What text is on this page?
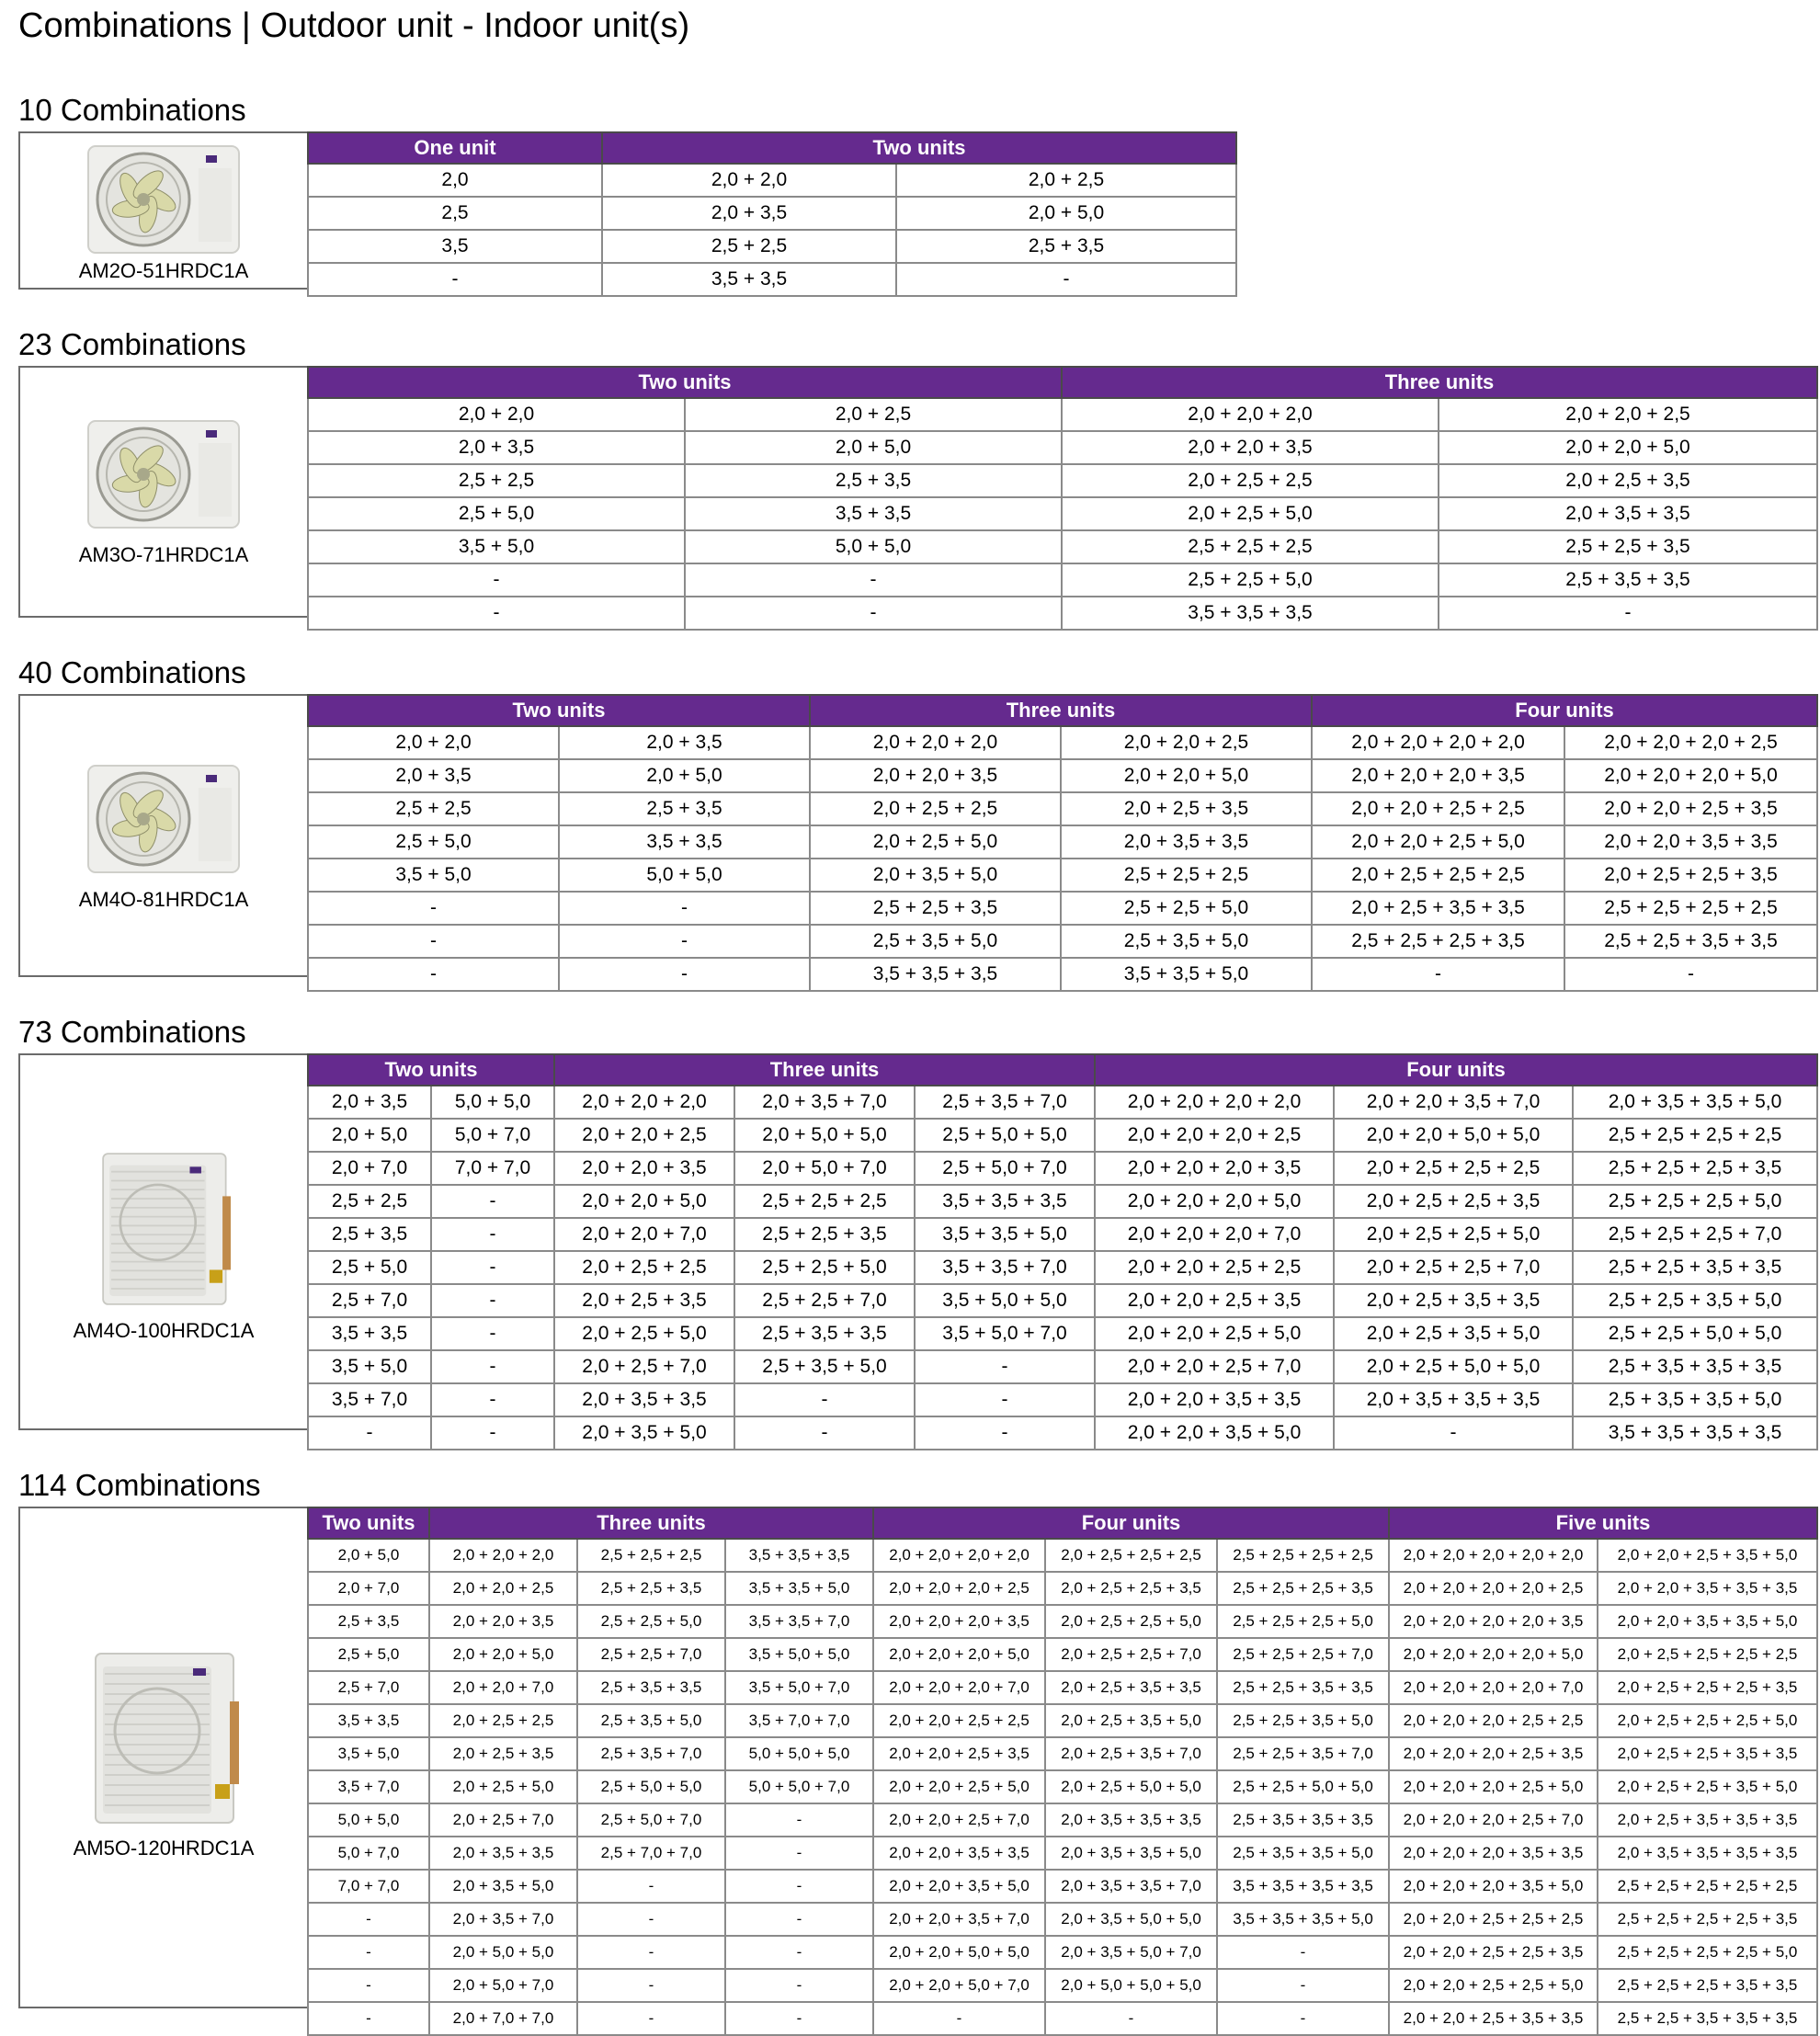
Combinations | Outdoor unit - Indoor unit(s)
10 Combinations
AM2O-51HRDC1A
One unit	Two units	
2,0	2,0 + 2,0	2,0 + 2,5
2,5	2,0 + 3,5	2,0 + 5,0
3,5	2,5 + 2,5	2,5 + 3,5
-	3,5 + 3,5	-
23 Combinations
AM3O-71HRDC1A
Two units		Three units	
2,0 + 2,0	2,0 + 2,5	2,0 + 2,0 + 2,0	2,0 + 2,0 + 2,5
2,0 + 3,5	2,0 + 5,0	2,0 + 2,0 + 3,5	2,0 + 2,0 + 5,0
2,5 + 2,5	2,5 + 3,5	2,0 + 2,5 + 2,5	2,0 + 2,5 + 3,5
2,5 + 5,0	3,5 + 3,5	2,0 + 2,5 + 5,0	2,0 + 3,5 + 3,5
3,5 + 5,0	5,0 + 5,0	2,5 + 2,5 + 2,5	2,5 + 2,5 + 3,5
-	-	2,5 + 2,5 + 5,0	2,5 + 3,5 + 3,5
-	-	3,5 + 3,5 + 3,5	-
40 Combinations
AM4O-81HRDC1A
Two units		Three units		Four units	
2,0 + 2,0	2,0 + 3,5	2,0 + 2,0 + 2,0	2,0 + 2,0 + 2,5	2,0 + 2,0 + 2,0 + 2,0	2,0 + 2,0 + 2,0 + 2,5
2,0 + 3,5	2,0 + 5,0	2,0 + 2,0 + 3,5	2,0 + 2,0 + 5,0	2,0 + 2,0 + 2,0 + 3,5	2,0 + 2,0 + 2,0 + 5,0
2,5 + 2,5	2,5 + 3,5	2,0 + 2,5 + 2,5	2,0 + 2,5 + 3,5	2,0 + 2,0 + 2,5 + 2,5	2,0 + 2,0 + 2,5 + 3,5
2,5 + 5,0	3,5 + 3,5	2,0 + 2,5 + 5,0	2,0 + 3,5 + 3,5	2,0 + 2,0 + 2,5 + 5,0	2,0 + 2,0 + 3,5 + 3,5
3,5 + 5,0	5,0 + 5,0	2,0 + 3,5 + 5,0	2,5 + 2,5 + 2,5	2,0 + 2,5 + 2,5 + 2,5	2,0 + 2,5 + 2,5 + 3,5
-	-	2,5 + 2,5 + 3,5	2,5 + 2,5 + 5,0	2,0 + 2,5 + 3,5 + 3,5	2,5 + 2,5 + 2,5 + 2,5
-	-	2,5 + 3,5 + 5,0	2,5 + 3,5 + 5,0	2,5 + 2,5 + 2,5 + 3,5	2,5 + 2,5 + 3,5 + 3,5
-	-	3,5 + 3,5 + 3,5	3,5 + 3,5 + 5,0	-	-
73 Combinations
AM4O-100HRDC1A
Two units		Three units			Four units		
2,0 + 3,5	5,0 + 5,0	2,0 + 2,0 + 2,0	2,0 + 3,5 + 7,0	2,5 + 3,5 + 7,0	2,0 + 2,0 + 2,0 + 2,0	2,0 + 2,0 + 3,5 + 7,0	2,0 + 3,5 + 3,5 + 5,0
2,0 + 5,0	5,0 + 7,0	2,0 + 2,0 + 2,5	2,0 + 5,0 + 5,0	2,5 + 5,0 + 5,0	2,0 + 2,0 + 2,0 + 2,5	2,0 + 2,0 + 5,0 + 5,0	2,5 + 2,5 + 2,5 + 2,5
2,0 + 7,0	7,0 + 7,0	2,0 + 2,0 + 3,5	2,0 + 5,0 + 7,0	2,5 + 5,0 + 7,0	2,0 + 2,0 + 2,0 + 3,5	2,0 + 2,5 + 2,5 + 2,5	2,5 + 2,5 + 2,5 + 3,5
2,5 + 2,5	-	2,0 + 2,0 + 5,0	2,5 + 2,5 + 2,5	3,5 + 3,5 + 3,5	2,0 + 2,0 + 2,0 + 5,0	2,0 + 2,5 + 2,5 + 3,5	2,5 + 2,5 + 2,5 + 5,0
2,5 + 3,5	-	2,0 + 2,0 + 7,0	2,5 + 2,5 + 3,5	3,5 + 3,5 + 5,0	2,0 + 2,0 + 2,0 + 7,0	2,0 + 2,5 + 2,5 + 5,0	2,5 + 2,5 + 2,5 + 7,0
2,5 + 5,0	-	2,0 + 2,5 + 2,5	2,5 + 2,5 + 5,0	3,5 + 3,5 + 7,0	2,0 + 2,0 + 2,5 + 2,5	2,0 + 2,5 + 2,5 + 7,0	2,5 + 2,5 + 3,5 + 3,5
2,5 + 7,0	-	2,0 + 2,5 + 3,5	2,5 + 2,5 + 7,0	3,5 + 5,0 + 5,0	2,0 + 2,0 + 2,5 + 3,5	2,0 + 2,5 + 3,5 + 3,5	2,5 + 2,5 + 3,5 + 5,0
3,5 + 3,5	-	2,0 + 2,5 + 5,0	2,5 + 3,5 + 3,5	3,5 + 5,0 + 7,0	2,0 + 2,0 + 2,5 + 5,0	2,0 + 2,5 + 3,5 + 5,0	2,5 + 2,5 + 5,0 + 5,0
3,5 + 5,0	-	2,0 + 2,5 + 7,0	2,5 + 3,5 + 5,0	-	2,0 + 2,0 + 2,5 + 7,0	2,0 + 2,5 + 5,0 + 5,0	2,5 + 3,5 + 3,5 + 3,5
3,5 + 7,0	-	2,0 + 3,5 + 3,5	-	-	2,0 + 2,0 + 3,5 + 3,5	2,0 + 3,5 + 3,5 + 3,5	2,5 + 3,5 + 3,5 + 5,0
-	-	2,0 + 3,5 + 5,0	-	-	2,0 + 2,0 + 3,5 + 5,0	-	3,5 + 3,5 + 3,5 + 3,5
114 Combinations
AM5O-120HRDC1A
Two units	Three units			Four units			Five units	
2,0 + 5,0	2,0 + 2,0 + 2,0	2,5 + 2,5 + 2,5	3,5 + 3,5 + 3,5	2,0 + 2,0 + 2,0 + 2,0	2,0 + 2,5 + 2,5 + 2,5	2,5 + 2,5 + 2,5 + 2,5	2,0 + 2,0 + 2,0 + 2,0 + 2,0	2,0 + 2,0 + 2,5 + 3,5 + 5,0
2,0 + 7,0	2,0 + 2,0 + 2,5	2,5 + 2,5 + 3,5	3,5 + 3,5 + 5,0	2,0 + 2,0 + 2,0 + 2,5	2,0 + 2,5 + 2,5 + 3,5	2,5 + 2,5 + 2,5 + 3,5	2,0 + 2,0 + 2,0 + 2,0 + 2,5	2,0 + 2,0 + 3,5 + 3,5 + 3,5
2,5 + 3,5	2,0 + 2,0 + 3,5	2,5 + 2,5 + 5,0	3,5 + 3,5 + 7,0	2,0 + 2,0 + 2,0 + 3,5	2,0 + 2,5 + 2,5 + 5,0	2,5 + 2,5 + 2,5 + 5,0	2,0 + 2,0 + 2,0 + 2,0 + 3,5	2,0 + 2,0 + 3,5 + 3,5 + 5,0
2,5 + 5,0	2,0 + 2,0 + 5,0	2,5 + 2,5 + 7,0	3,5 + 5,0 + 5,0	2,0 + 2,0 + 2,0 + 5,0	2,0 + 2,5 + 2,5 + 7,0	2,5 + 2,5 + 2,5 + 7,0	2,0 + 2,0 + 2,0 + 2,0 + 5,0	2,0 + 2,5 + 2,5 + 2,5 + 2,5
2,5 + 7,0	2,0 + 2,0 + 7,0	2,5 + 3,5 + 3,5	3,5 + 5,0 + 7,0	2,0 + 2,0 + 2,0 + 7,0	2,0 + 2,5 + 3,5 + 3,5	2,5 + 2,5 + 3,5 + 3,5	2,0 + 2,0 + 2,0 + 2,0 + 7,0	2,0 + 2,5 + 2,5 + 2,5 + 3,5
3,5 + 3,5	2,0 + 2,5 + 2,5	2,5 + 3,5 + 5,0	3,5 + 7,0 + 7,0	2,0 + 2,0 + 2,5 + 2,5	2,0 + 2,5 + 3,5 + 5,0	2,5 + 2,5 + 3,5 + 5,0	2,0 + 2,0 + 2,0 + 2,5 + 2,5	2,0 + 2,5 + 2,5 + 2,5 + 5,0
3,5 + 5,0	2,0 + 2,5 + 3,5	2,5 + 3,5 + 7,0	5,0 + 5,0 + 5,0	2,0 + 2,0 + 2,5 + 3,5	2,0 + 2,5 + 3,5 + 7,0	2,5 + 2,5 + 3,5 + 7,0	2,0 + 2,0 + 2,0 + 2,5 + 3,5	2,0 + 2,5 + 2,5 + 3,5 + 3,5
3,5 + 7,0	2,0 + 2,5 + 5,0	2,5 + 5,0 + 5,0	5,0 + 5,0 + 7,0	2,0 + 2,0 + 2,5 + 5,0	2,0 + 2,5 + 5,0 + 5,0	2,5 + 2,5 + 5,0 + 5,0	2,0 + 2,0 + 2,0 + 2,5 + 5,0	2,0 + 2,5 + 2,5 + 3,5 + 5,0
5,0 + 5,0	2,0 + 2,5 + 7,0	2,5 + 5,0 + 7,0	-	2,0 + 2,0 + 2,5 + 7,0	2,0 + 3,5 + 3,5 + 3,5	2,5 + 3,5 + 3,5 + 3,5	2,0 + 2,0 + 2,0 + 2,5 + 7,0	2,0 + 2,5 + 3,5 + 3,5 + 3,5
5,0 + 7,0	2,0 + 3,5 + 3,5	2,5 + 7,0 + 7,0	-	2,0 + 2,0 + 3,5 + 3,5	2,0 + 3,5 + 3,5 + 5,0	2,5 + 3,5 + 3,5 + 5,0	2,0 + 2,0 + 2,0 + 3,5 + 3,5	2,0 + 3,5 + 3,5 + 3,5 + 3,5
7,0 + 7,0	2,0 + 3,5 + 5,0	-	-	2,0 + 2,0 + 3,5 + 5,0	2,0 + 3,5 + 3,5 + 7,0	3,5 + 3,5 + 3,5 + 3,5	2,0 + 2,0 + 2,0 + 3,5 + 5,0	2,5 + 2,5 + 2,5 + 2,5 + 2,5
-	2,0 + 3,5 + 7,0	-	-	2,0 + 2,0 + 3,5 + 7,0	2,0 + 3,5 + 5,0 + 5,0	3,5 + 3,5 + 3,5 + 5,0	2,0 + 2,0 + 2,5 + 2,5 + 2,5	2,5 + 2,5 + 2,5 + 2,5 + 3,5
-	2,0 + 5,0 + 5,0	-	-	2,0 + 2,0 + 5,0 + 5,0	2,0 + 3,5 + 5,0 + 7,0	-	2,0 + 2,0 + 2,5 + 2,5 + 3,5	2,5 + 2,5 + 2,5 + 2,5 + 5,0
-	2,0 + 5,0 + 7,0	-	-	2,0 + 2,0 + 5,0 + 7,0	2,0 + 5,0 + 5,0 + 5,0	-	2,0 + 2,0 + 2,5 + 2,5 + 5,0	2,5 + 2,5 + 2,5 + 3,5 + 3,5
-	2,0 + 7,0 + 7,0	-	-	-	-	-	2,0 + 2,0 + 2,5 + 3,5 + 3,5	2,5 + 2,5 + 3,5 + 3,5 + 3,5
